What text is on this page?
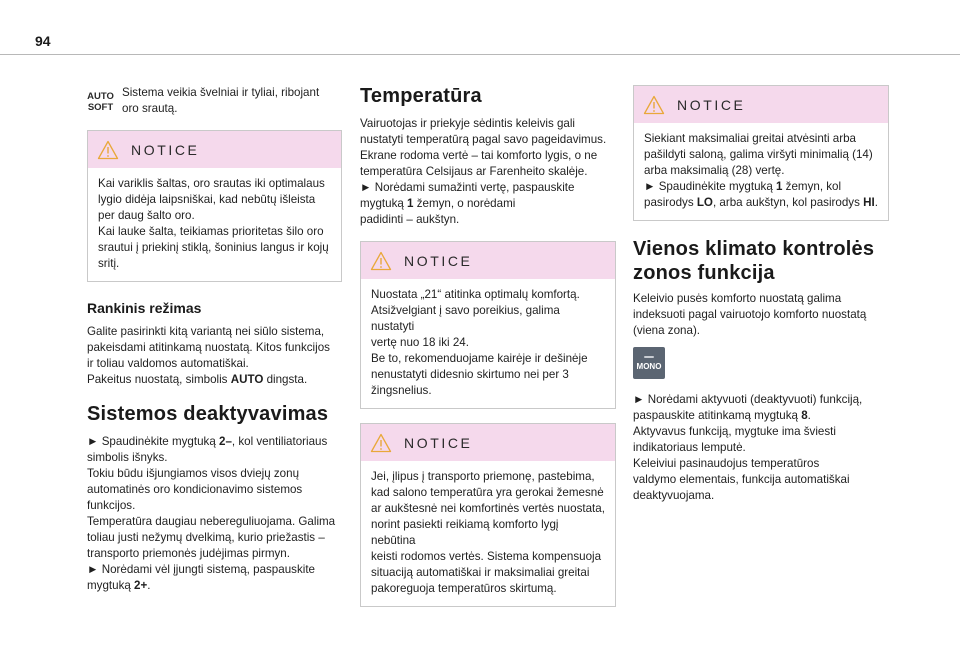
94
AUTO
SOFT

Sistema veikia švelniai ir tyliai, ribojant oro srautą.

NOTICE

Kai variklis šaltas, oro srautas iki optimalaus

lygio didėja laipsniškai, kad nebūtų išleista

per daug šalto oro.

Kai lauke šalta, teikiamas prioritetas šilo oro

srautui į priekinį stiklą, šoninius langus ir kojų

sritį.

Rankinis režimas

Galite pasirinkti kitą variantą nei siūlo sistema,

pakeisdami atitinkamą nuostatą. Kitos funkcijos

ir toliau valdomos automatiškai.

Pakeitus nuostatą, simbolis AUTO dingsta.

Sistemos deaktyvavimas

► Spaudinėkite mygtuką 2–, kol ventiliatoriaus

simbolis išnyks.

Tokiu būdu išjungiamos visos dviejų zonų

automatinės oro kondicionavimo sistemos

funkcijos.

Temperatūra daugiau nebereguliuojama. Galima

toliau justi nežymų dvelkimą, kurio priežastis –

transporto priemonės judėjimas pirmyn.

► Norėdami vėl įjungti sistemą, paspauskite

mygtuką 2+.

Temperatūra

Vairuotojas ir priekyje sėdintis keleivis gali

nustatyti temperatūrą pagal savo pageidavimus.

Ekrane rodoma vertė – tai komforto lygis, o ne

temperatūra Celsijaus ar Farenheito skalėje.

► Norėdami sumažinti vertę, paspauskite

mygtuką 1 žemyn, o norėdami

padidinti – aukštyn.

NOTICE

Nuostata „21“ atitinka optimalų komfortą.

Atsižvelgiant į savo poreikius, galima nustatyti

vertę nuo 18 iki 24.

Be to, rekomenduojame kairėje ir dešinėje

nenustatyti didesnio skirtumo nei per 3

žingsnelius.

NOTICE

Jei, įlipus į transporto priemonę, pastebima,

kad salono temperatūra yra gerokai žemesnė

ar aukštesnė nei komfortinės vertės nuostata,

norint pasiekti reikiamą komforto lygį nebūtina

keisti rodomos vertės. Sistema kompensuoja

situaciją automatiškai ir maksimaliai greitai

pakoreguoja temperatūros skirtumą.

NOTICE

Siekiant maksimaliai greitai atvėsinti arba

pašildyti saloną, galima viršyti minimalią (14)

arba maksimalią (28) vertę.

► Spaudinėkite mygtuką 1 žemyn, kol

pasirodys LO, arba aukštyn, kol pasirodys HI.

Vienos klimato kontrolės
zonos funkcija

Keleivio pusės komforto nuostatą galima

indeksuoti pagal vairuotojo komforto nuostatą

(viena zona).

MONO

► Norėdami aktyvuoti (deaktyvuoti) funkciją,

paspauskite atitinkamą mygtuką 8.

Aktyvavus funkciją, mygtuke ima šviesti

indikatoriaus lemputė.

Keleiviui pasinaudojus temperatūros

valdymo elementais, funkcija automatiškai

deaktyvuojama.
